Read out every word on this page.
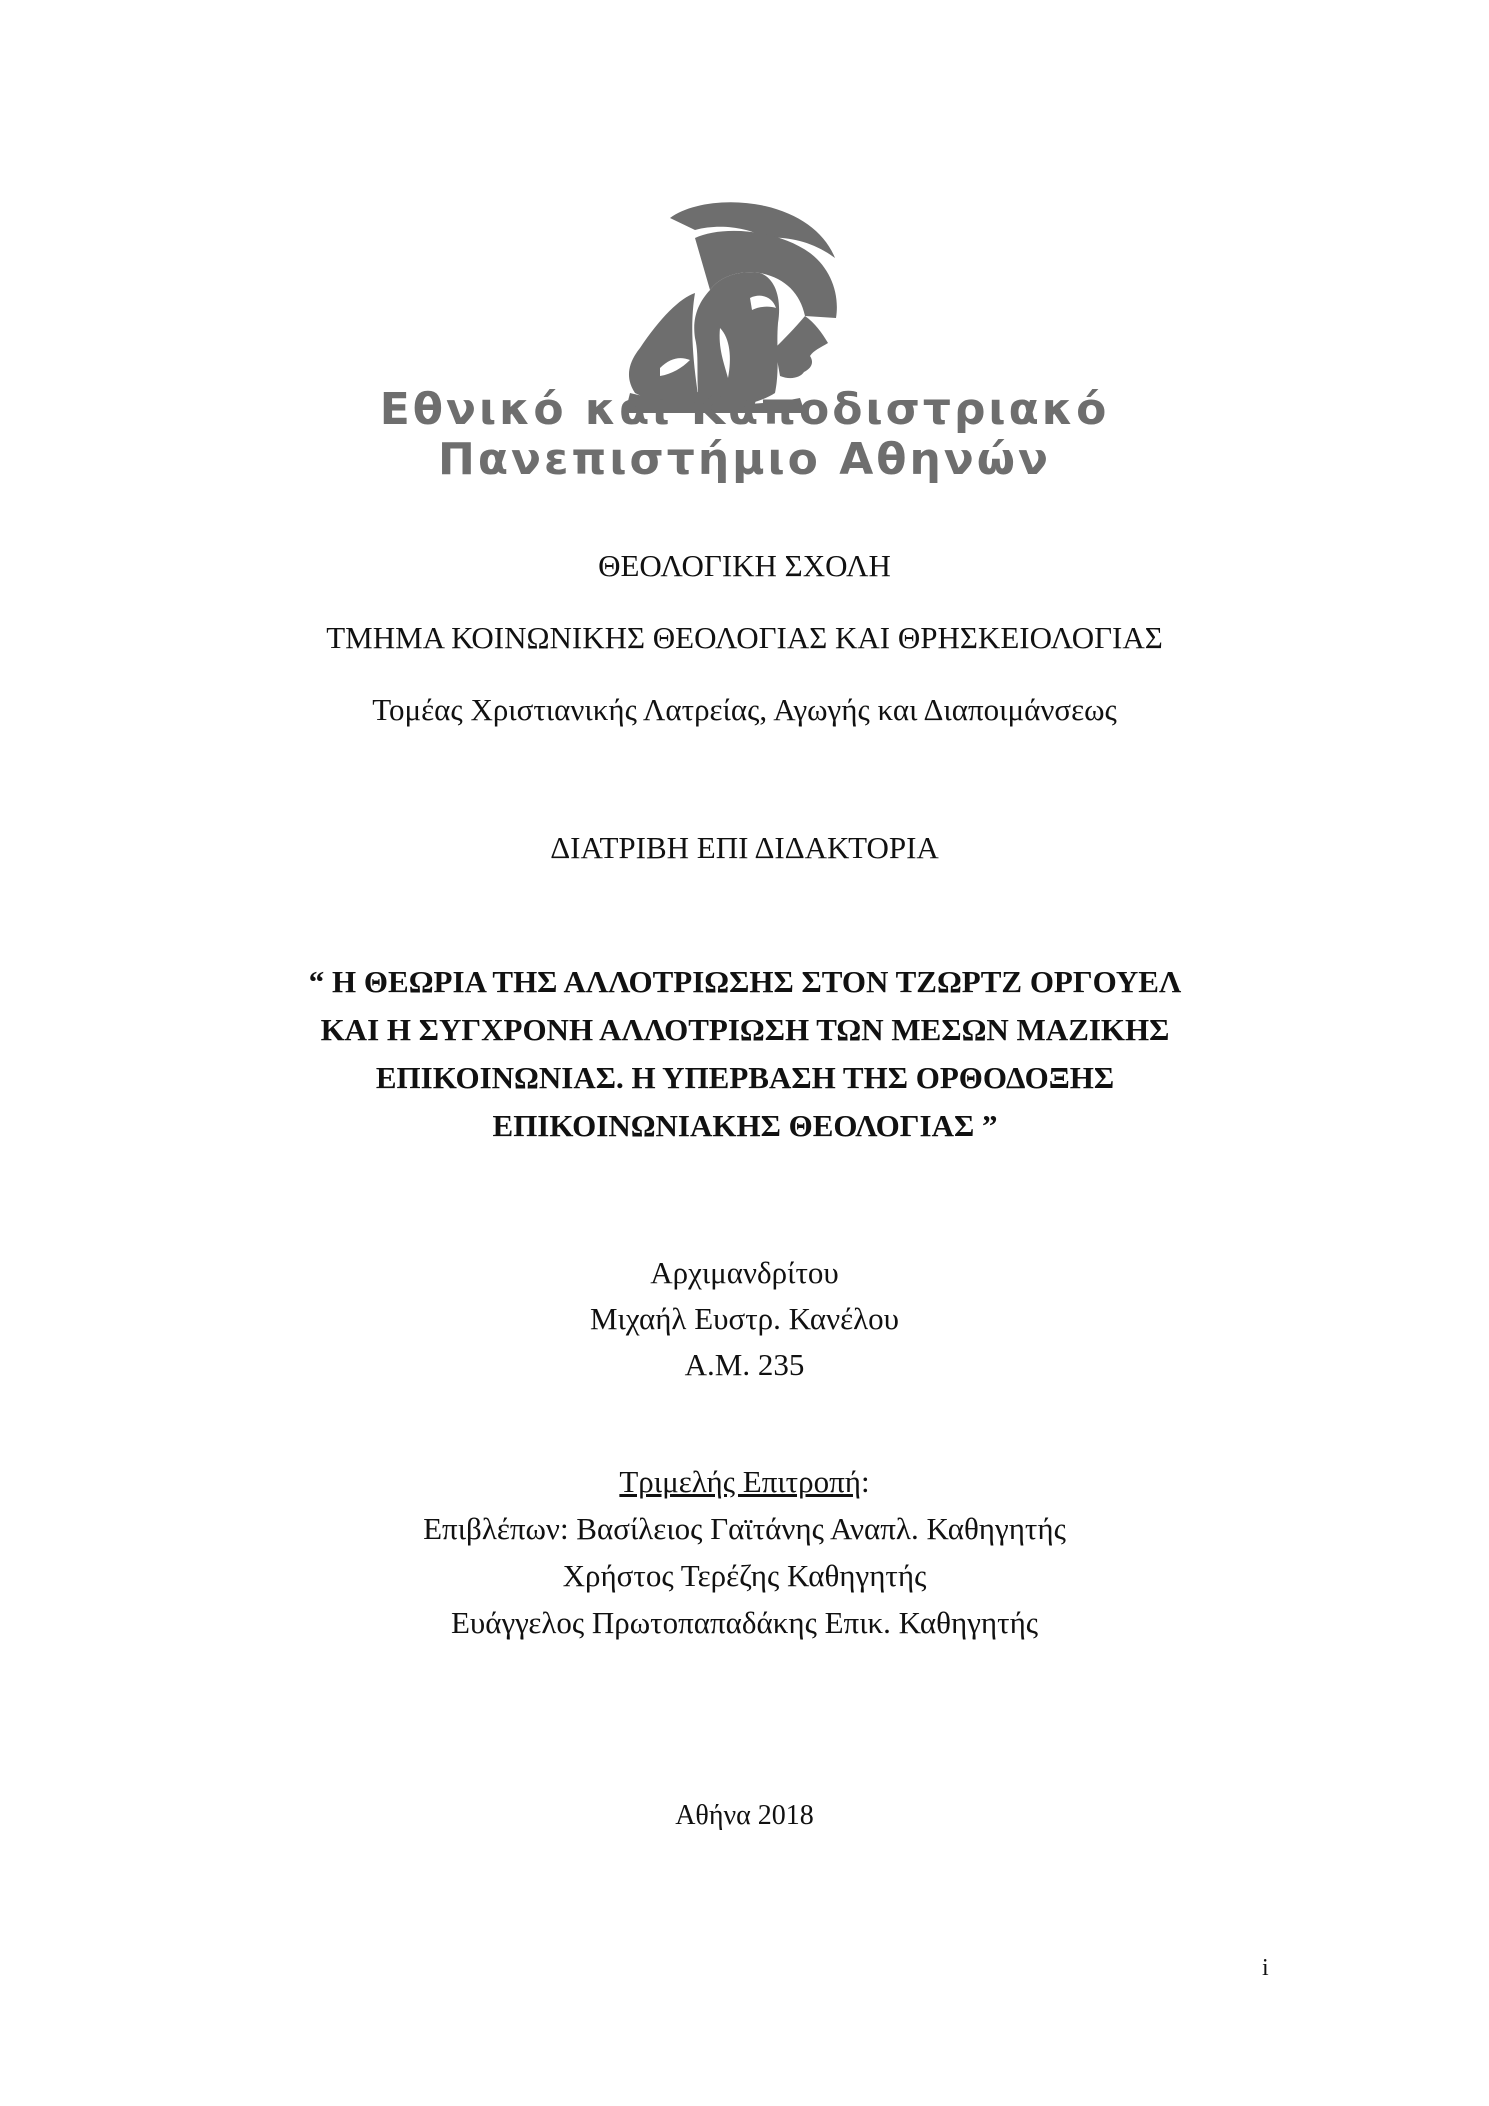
Εθνικό και Καποδιστριακό
Πανεπιστήμιο Αθηνών
ΘΕΟΛΟΓΙΚΗ ΣΧΟΛΗ
ΤΜΗΜΑ ΚΟΙΝΩΝΙΚΗΣ ΘΕΟΛΟΓΙΑΣ ΚΑΙ ΘΡΗΣΚΕΙΟΛΟΓΙΑΣ
Τομέας Χριστιανικής Λατρείας, Αγωγής και Διαποιμάνσεως
ΔΙΑΤΡΙΒΗ ΕΠΙ ΔΙΔΑΚΤΟΡΙΑ
“ Η ΘΕΩΡΙΑ ΤΗΣ ΑΛΛΟΤΡΙΩΣΗΣ ΣΤΟΝ ΤΖΩΡΤΖ ΟΡΓΟΥΕΛ
ΚΑΙ Η ΣΥΓΧΡΟΝΗ ΑΛΛΟΤΡΙΩΣΗ ΤΩΝ ΜΕΣΩΝ ΜΑΖΙΚΗΣ
ΕΠΙΚΟΙΝΩΝΙΑΣ. Η ΥΠΕΡΒΑΣΗ ΤΗΣ ΟΡΘΟΔΟΞΗΣ
ΕΠΙΚΟΙΝΩΝΙΑΚΗΣ ΘΕΟΛΟΓΙΑΣ ”
Αρχιμανδρίτου
Μιχαήλ Ευστρ. Κανέλου
Α.Μ. 235
Τριμελής Επιτροπή:
Επιβλέπων: Βασίλειος Γαϊτάνης Αναπλ. Καθηγητής
Χρήστος Τερέζης Καθηγητής
Ευάγγελος Πρωτοπαπαδάκης Επικ. Καθηγητής
Αθήνα 2018
i
